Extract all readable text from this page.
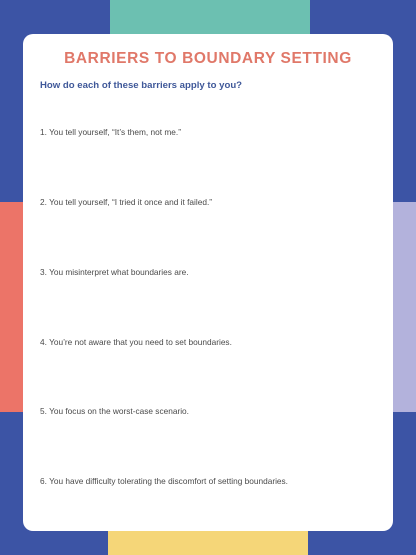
BARRIERS TO BOUNDARY SETTING
How do each of these barriers apply to you?
1. You tell yourself, “It’s them, not me.”
2. You tell yourself, “I tried it once and it failed.”
3. You misinterpret what boundaries are.
4. You’re not aware that you need to set boundaries.
5. You focus on the worst-case scenario.
6. You have difficulty tolerating the discomfort of setting boundaries.
